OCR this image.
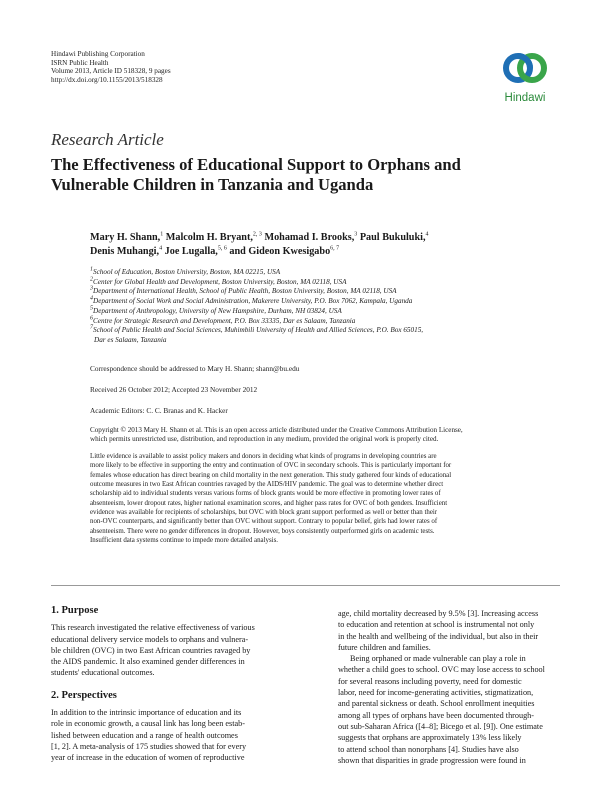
Hindawi Publishing Corporation
ISRN Public Health
Volume 2013, Article ID 518328, 9 pages
http://dx.doi.org/10.1155/2013/518328
Hindawi
Research Article
The Effectiveness of Educational Support to Orphans and
Vulnerable Children in Tanzania and Uganda
Mary H. Shann,$^1$ Malcolm H. Bryant,$^{2, 3}$ Mohamad I. Brooks,$^3$ Paul Bukuluki,$^4$
Denis Muhangi,$^4$ Joe Lugalla,$^{5, 6}$ and Gideon Kwesigabo$^{6, 7}$
$^1$School of Education, Boston University, Boston, MA 02215, USA
$^2$Center for Global Health and Development, Boston University, Boston, MA 02118, USA
$^3$Department of International Health, School of Public Health, Boston University, Boston, MA 02118, USA
$^4$Department of Social Work and Social Administration, Makerere University, P.O. Box 7062, Kampala, Uganda
$^5$Department of Anthropology, University of New Hampshire, Durham, NH 03824, USA
$^6$Centre for Strategic Research and Development, P.O. Box 33335, Dar es Salaam, Tanzania
$^7$School of Public Health and Social Sciences, Muhimbili University of Health and Allied Sciences, P.O. Box 65015,
Dar es Salaam, Tanzania
Correspondence should be addressed to Mary H. Shann; shann@bu.edu
Received 26 October 2012; Accepted 23 November 2012
Academic Editors: C. C. Branas and K. Hacker
Copyright © 2013 Mary H. Shann et al. This is an open access article distributed under the Creative Commons Attribution License,
which permits unrestricted use, distribution, and reproduction in any medium, provided the original work is properly cited.
Little evidence is available to assist policy makers and donors in deciding what kinds of programs in developing countries are
more likely to be effective in supporting the entry and continuation of OVC in secondary schools. This is particularly important for
females whose education has direct bearing on child mortality in the next generation. This study gathered four kinds of educational
outcome measures in two East African countries ravaged by the AIDS/HIV pandemic. The goal was to determine whether direct
scholarship aid to individual students versus various forms of block grants would be more effective in promoting lower rates of
absenteeism, lower dropout rates, higher national examination scores, and higher pass rates for OVC of both genders. Insufficient
evidence was available for recipients of scholarships, but OVC with block grant support performed as well or better than their
non-OVC counterparts, and significantly better than OVC without support. Contrary to popular belief, girls had lower rates of
absenteeism. There were no gender differences in dropout. However, boys consistently outperformed girls on academic tests.
Insufficient data systems continue to impede more detailed analysis.
1. Purpose
This research investigated the relative effectiveness of various
educational delivery service models to orphans and vulnera-
ble children (OVC) in two East African countries ravaged by
the AIDS pandemic. It also examined gender differences in
students' educational outcomes.
2. Perspectives
In addition to the intrinsic importance of education and its
role in economic growth, a causal link has long been estab-
lished between education and a range of health outcomes
[1, 2]. A meta-analysis of 175 studies showed that for every
year of increase in the education of women of reproductive
age, child mortality decreased by 9.5% [3]. Increasing access
to education and retention at school is instrumental not only
in the health and wellbeing of the individual, but also in their
future children and families.
Being orphaned or made vulnerable can play a role in
whether a child goes to school. OVC may lose access to school
for several reasons including poverty, need for domestic
labor, need for income-generating activities, stigmatization,
and parental sickness or death. School enrollment inequities
among all types of orphans have been documented through-
out sub-Saharan Africa ([4–8]; Bicego et al. [9]). One estimate
suggests that orphans are approximately 13% less likely
to attend school than nonorphans [4]. Studies have also
shown that disparities in grade progression were found in
